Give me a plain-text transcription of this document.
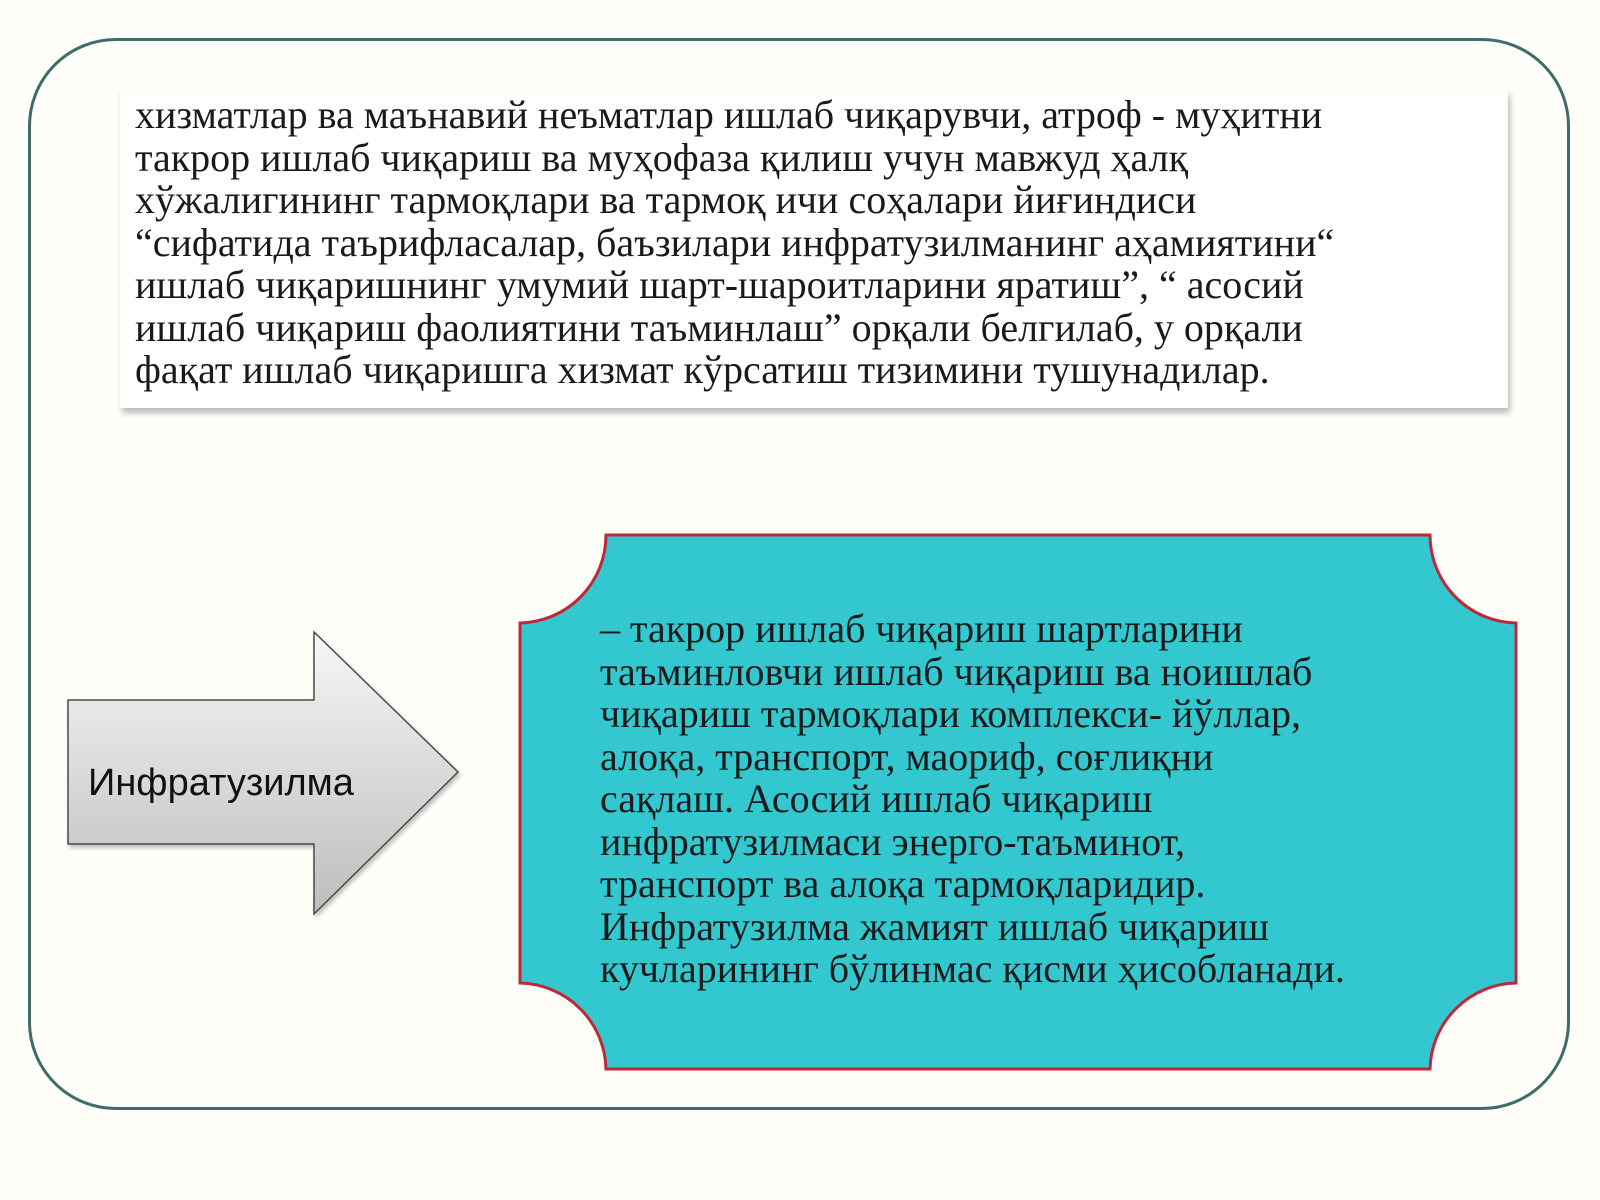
хизматлар ва маънавий неъматлар ишлаб чиқарувчи, атроф - муҳитни
такрор ишлаб чиқариш ва муҳофаза қилиш учун мавжуд ҳалқ
хўжалигининг тармоқлари ва тармоқ ичи соҳалари йиғиндиси
“сифатида таърифласалар, баъзилари инфратузилманинг аҳамиятини“
ишлаб чиқаришнинг умумий шарт-шароитларини яратиш”, “ асосий
ишлаб чиқариш фаолиятини таъминлаш” орқали белгилаб, у орқали
фақат ишлаб чиқаришга хизмат кўрсатиш тизимини тушунадилар.

Инфратузилма

– такрор ишлаб чиқариш шартларини
таъминловчи ишлаб чиқариш ва ноишлаб
чиқариш тармоқлари комплекси- йўллар,
алоқа, транспорт, маориф, соғлиқни
сақлаш. Асосий ишлаб чиқариш
инфратузилмаси энерго-таъминот,
транспорт ва алоқа тармоқларидир.
Инфратузилма жамият ишлаб чиқариш
кучларининг бўлинмас қисми ҳисобланади.
